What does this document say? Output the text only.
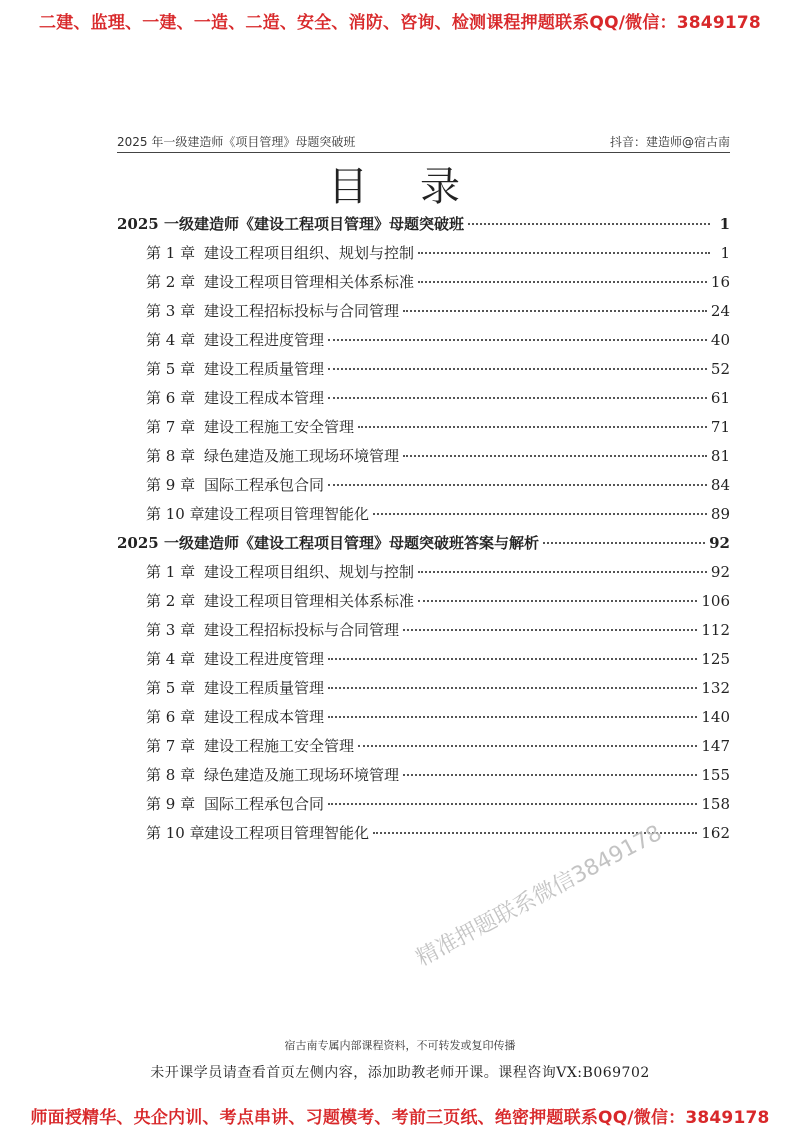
二建、监理、一建、一造、二造、安全、消防、咨询、检测课程押题联系QQ/微信：3849178
2025 年一级建造师《项目管理》母题突破班	抖音：建造师@宿古南
目录
2025 一级建造师《建设工程项目管理》母题突破班	1
第 1 章 建设工程项目组织、规划与控制	1
第 2 章 建设工程项目管理相关体系标准	16
第 3 章 建设工程招标投标与合同管理	24
第 4 章 建设工程进度管理	40
第 5 章 建设工程质量管理	52
第 6 章 建设工程成本管理	61
第 7 章 建设工程施工安全管理	71
第 8 章 绿色建造及施工现场环境管理	81
第 9 章 国际工程承包合同	84
第 10 章 建设工程项目管理智能化	89
2025 一级建造师《建设工程项目管理》母题突破班答案与解析	92
第 1 章 建设工程项目组织、规划与控制	92
第 2 章 建设工程项目管理相关体系标准	106
第 3 章 建设工程招标投标与合同管理	112
第 4 章 建设工程进度管理	125
第 5 章 建设工程质量管理	132
第 6 章 建设工程成本管理	140
第 7 章 建设工程施工安全管理	147
第 8 章 绿色建造及施工现场环境管理	155
第 9 章 国际工程承包合同	158
第 10 章 建设工程项目管理智能化	162
精准押题联系微信3849178
宿古南专属内部课程资料，不可转发或复印传播
未开课学员请查看首页左侧内容，添加助教老师开课。课程咨询VX:B069702
师面授精华、央企内训、考点串讲、习题模考、考前三页纸、绝密押题联系QQ/微信：3849178
